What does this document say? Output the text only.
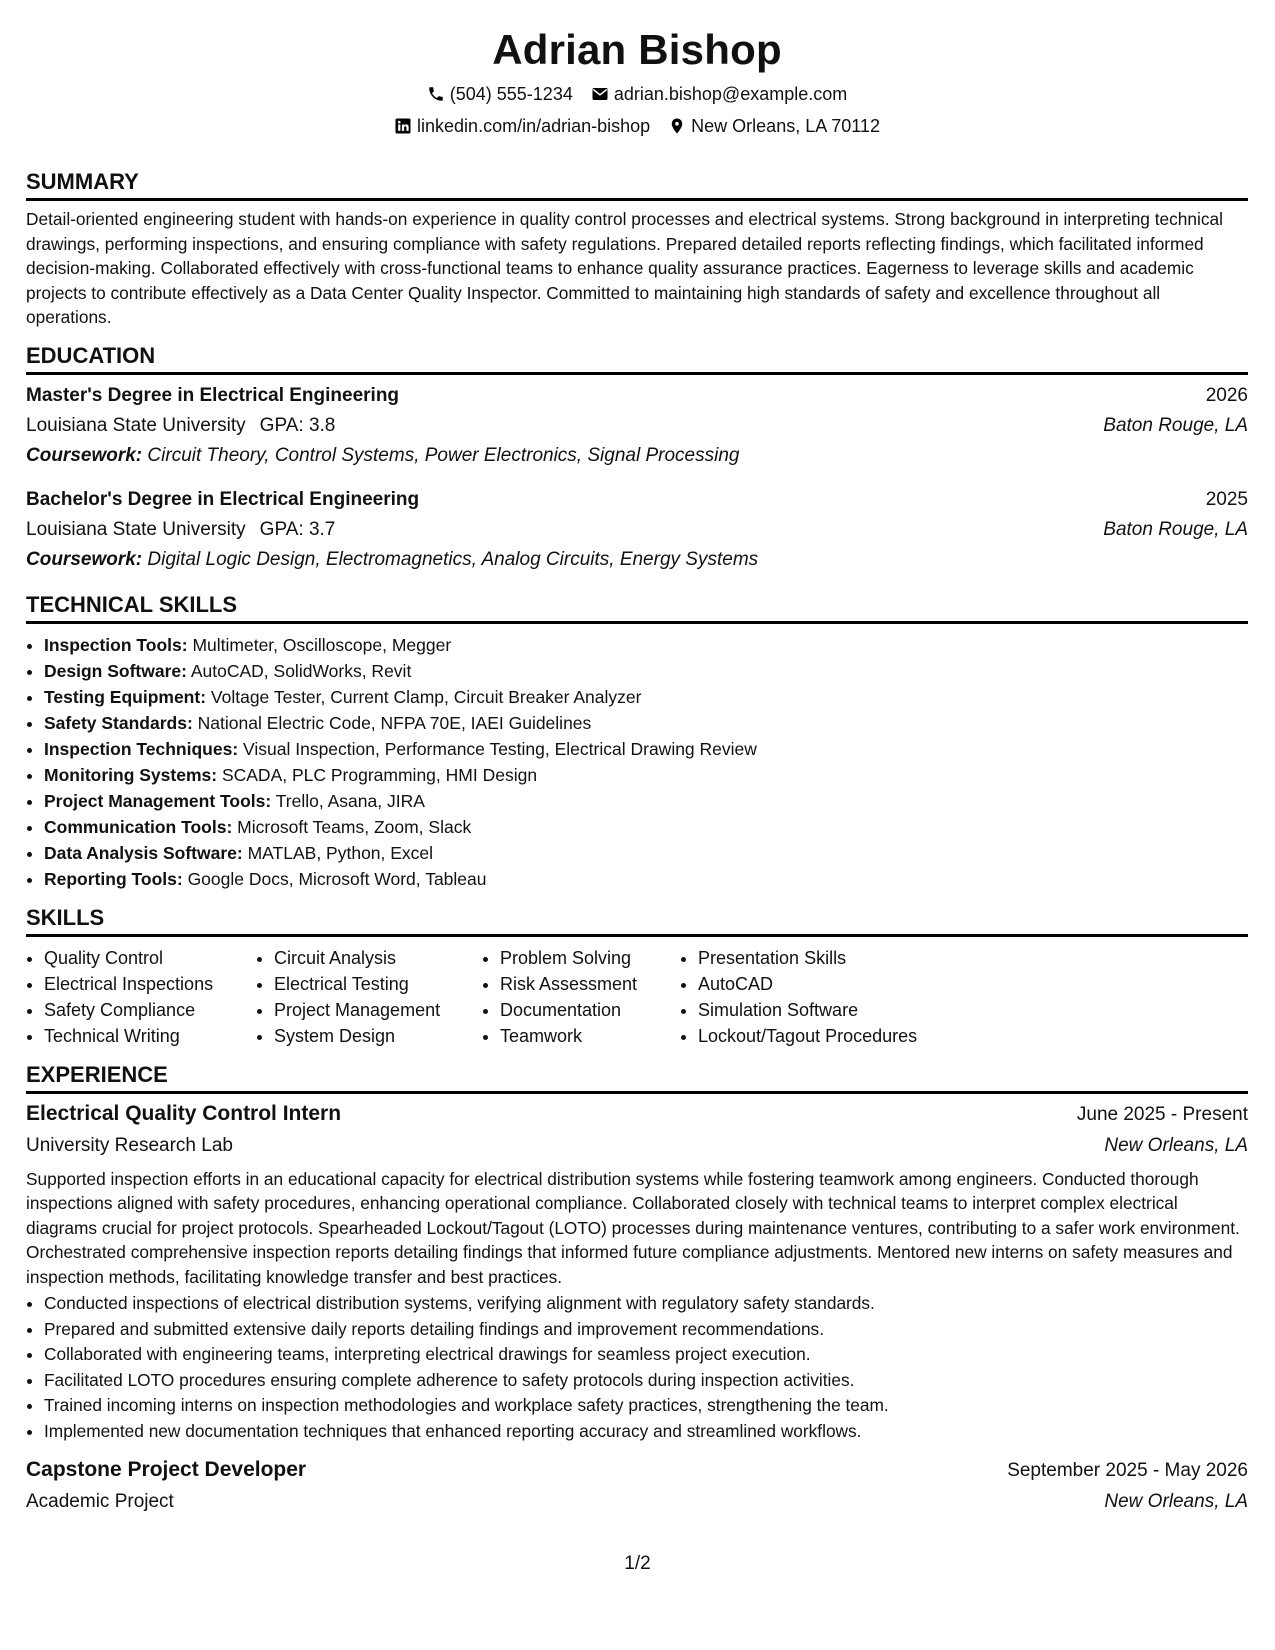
Adrian Bishop
(504) 555-1234 adrian.bishop@example.com
linkedin.com/in/adrian-bishop New Orleans, LA 70112
SUMMARY

Detail-oriented engineering student with hands-on experience in quality control processes and electrical systems. Strong background in interpreting technical drawings, performing inspections, and ensuring compliance with safety regulations. Prepared detailed reports reflecting findings, which facilitated informed decision-making. Collaborated effectively with cross-functional teams to enhance quality assurance practices. Eagerness to leverage skills and academic projects to contribute effectively as a Data Center Quality Inspector. Committed to maintaining high standards of safety and excellence throughout all operations.

EDUCATION
Master's Degree in Electrical Engineering	2026
Louisiana State University GPA: 3.8	Baton Rouge, LA
Coursework: Circuit Theory, Control Systems, Power Electronics, Signal Processing
Bachelor's Degree in Electrical Engineering	2025
Louisiana State University GPA: 3.7	Baton Rouge, LA
Coursework: Digital Logic Design, Electromagnetics, Analog Circuits, Energy Systems
TECHNICAL SKILLS
• Inspection Tools: Multimeter, Oscilloscope, Megger
• Design Software: AutoCAD, SolidWorks, Revit
• Testing Equipment: Voltage Tester, Current Clamp, Circuit Breaker Analyzer
• Safety Standards: National Electric Code, NFPA 70E, IAEI Guidelines
• Inspection Techniques: Visual Inspection, Performance Testing, Electrical Drawing Review
• Monitoring Systems: SCADA, PLC Programming, HMI Design
• Project Management Tools: Trello, Asana, JIRA
• Communication Tools: Microsoft Teams, Zoom, Slack
• Data Analysis Software: MATLAB, Python, Excel
• Reporting Tools: Google Docs, Microsoft Word, Tableau
SKILLS
• Quality Control
• Electrical Inspections
• Safety Compliance
• Technical Writing
• Circuit Analysis
• Electrical Testing
• Project Management
• System Design
• Problem Solving
• Risk Assessment
• Documentation
• Teamwork
• Presentation Skills
• AutoCAD
• Simulation Software
• Lockout/Tagout Procedures
EXPERIENCE
Electrical Quality Control Intern	June 2025 - Present
University Research Lab	New Orleans, LA

Supported inspection efforts in an educational capacity for electrical distribution systems while fostering teamwork among engineers. Conducted thorough inspections aligned with safety procedures, enhancing operational compliance. Collaborated closely with technical teams to interpret complex electrical diagrams crucial for project protocols. Spearheaded Lockout/Tagout (LOTO) processes during maintenance ventures, contributing to a safer work environment. Orchestrated comprehensive inspection reports detailing findings that informed future compliance adjustments. Mentored new interns on safety measures and inspection methods, facilitating knowledge transfer and best practices.

• Conducted inspections of electrical distribution systems, verifying alignment with regulatory safety standards.
• Prepared and submitted extensive daily reports detailing findings and improvement recommendations.
• Collaborated with engineering teams, interpreting electrical drawings for seamless project execution.
• Facilitated LOTO procedures ensuring complete adherence to safety protocols during inspection activities.
• Trained incoming interns on inspection methodologies and workplace safety practices, strengthening the team.
• Implemented new documentation techniques that enhanced reporting accuracy and streamlined workflows.
Capstone Project Developer	September 2025 - May 2026
Academic Project	New Orleans, LA
1/2
